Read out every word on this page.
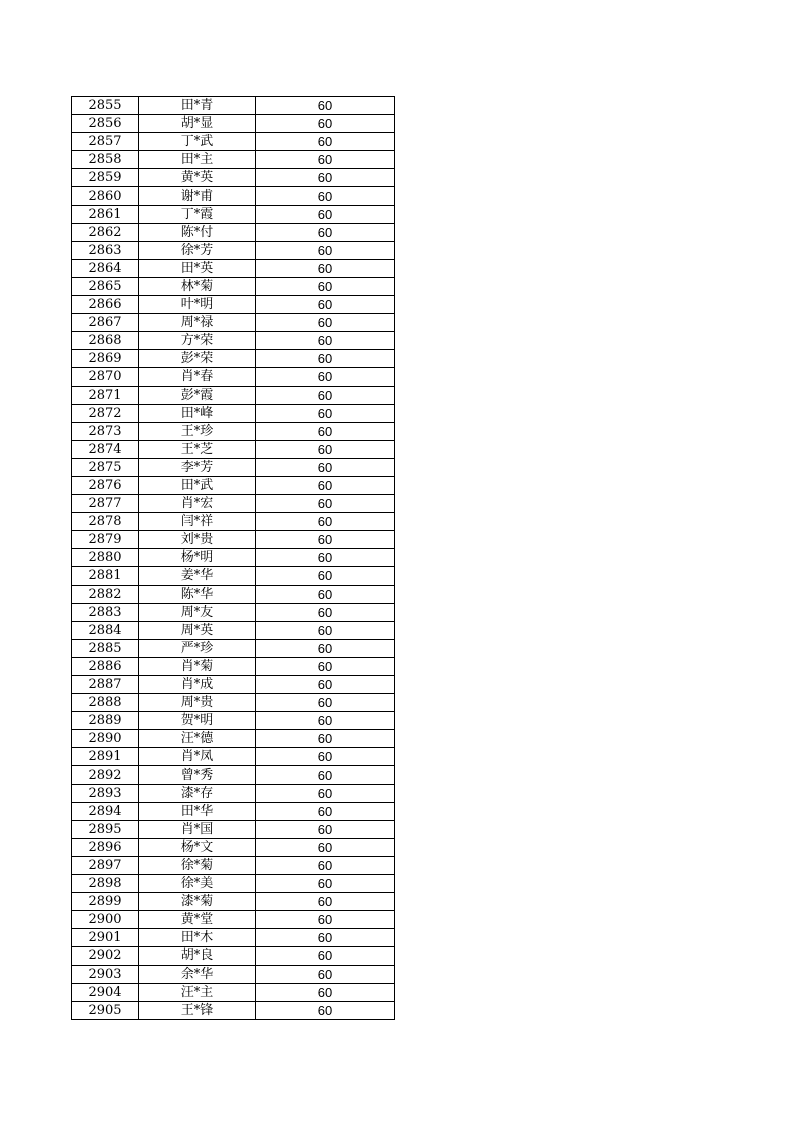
2855	田*青	60
2856	胡*显	60
2857	丁*武	60
2858	田*主	60
2859	黄*英	60
2860	谢*甫	60
2861	丁*霞	60
2862	陈*付	60
2863	徐*芳	60
2864	田*英	60
2865	林*菊	60
2866	叶*明	60
2867	周*禄	60
2868	方*荣	60
2869	彭*荣	60
2870	肖*春	60
2871	彭*霞	60
2872	田*峰	60
2873	王*珍	60
2874	王*芝	60
2875	李*芳	60
2876	田*武	60
2877	肖*宏	60
2878	闫*祥	60
2879	刘*贵	60
2880	杨*明	60
2881	姜*华	60
2882	陈*华	60
2883	周*友	60
2884	周*英	60
2885	严*珍	60
2886	肖*菊	60
2887	肖*成	60
2888	周*贵	60
2889	贺*明	60
2890	汪*德	60
2891	肖*凤	60
2892	曾*秀	60
2893	漆*存	60
2894	田*华	60
2895	肖*国	60
2896	杨*文	60
2897	徐*菊	60
2898	徐*美	60
2899	漆*菊	60
2900	黄*堂	60
2901	田*木	60
2902	胡*良	60
2903	余*华	60
2904	汪*主	60
2905	王*锋	60
